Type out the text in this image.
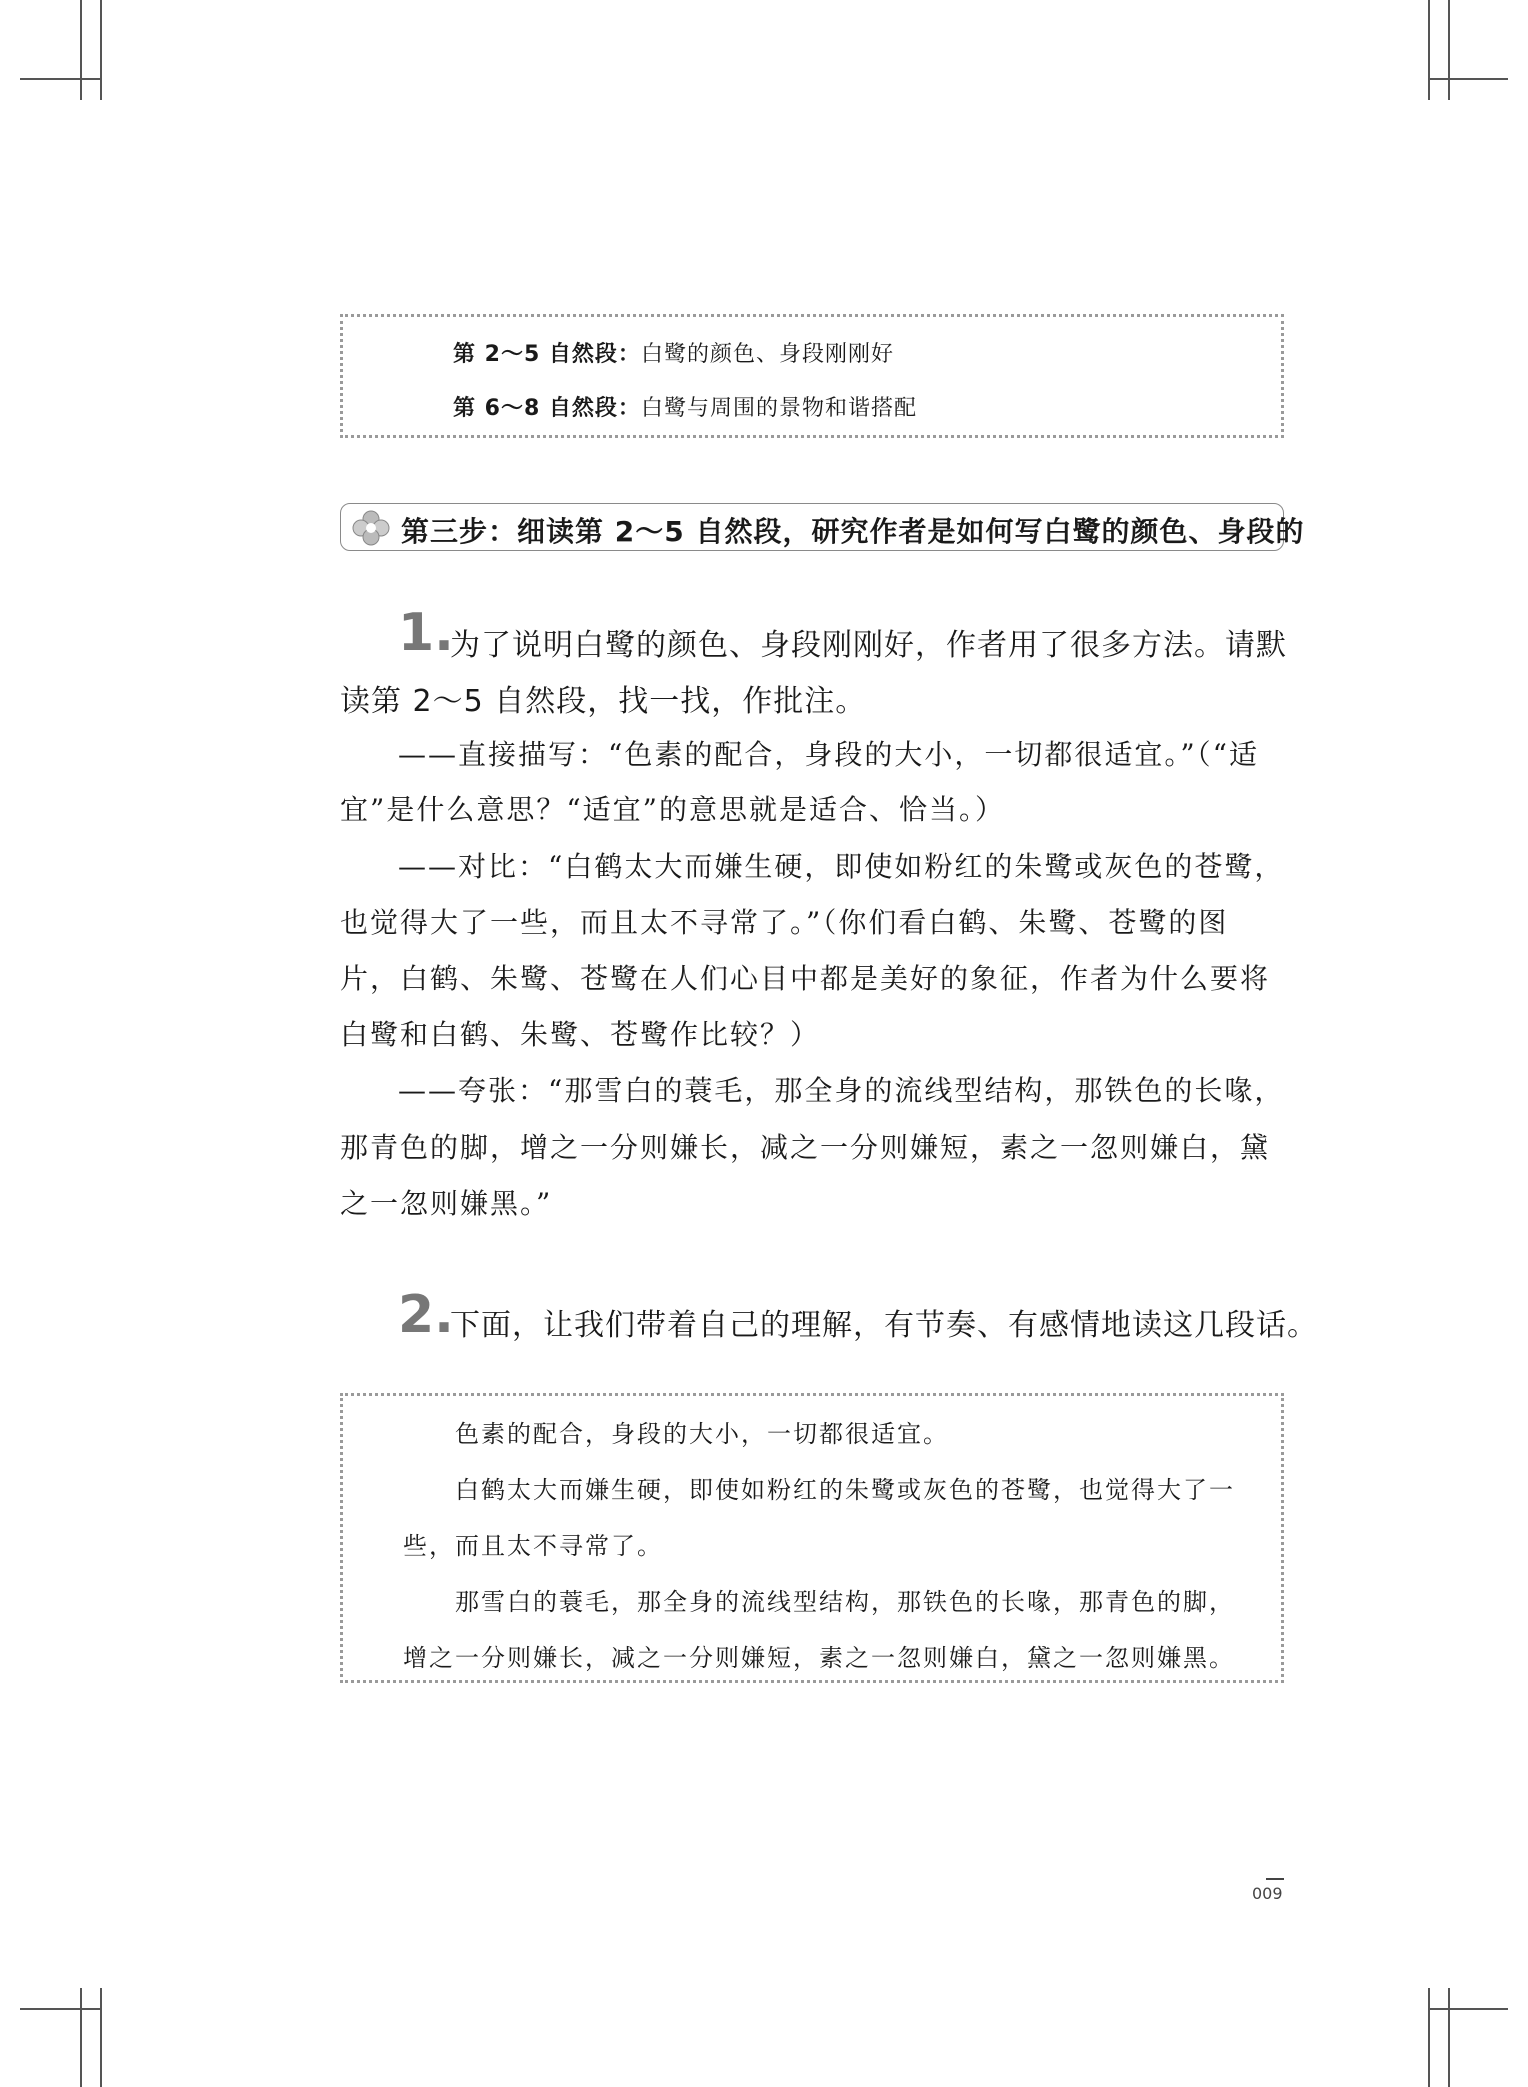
第 2～5 自然段：白鹭的颜色、身段刚刚好
第 6～8 自然段：白鹭与周围的景物和谐搭配
第三步：细读第 2～5 自然段，研究作者是如何写白鹭的颜色、身段的
1.
为了说明白鹭的颜色、身段刚刚好，作者用了很多方法。请默
读第 2～5 自然段，找一找，作批注。
——直接描写：“色素的配合，身段的大小，一切都很适宜。”（“适
宜”是什么意思？“适宜”的意思就是适合、恰当。）
——对比：“白鹤太大而嫌生硬，即使如粉红的朱鹭或灰色的苍鹭，
也觉得大了一些，而且太不寻常了。”（你们看白鹤、朱鹭、苍鹭的图
片，白鹤、朱鹭、苍鹭在人们心目中都是美好的象征，作者为什么要将
白鹭和白鹤、朱鹭、苍鹭作比较？）
——夸张：“那雪白的蓑毛，那全身的流线型结构，那铁色的长喙，
那青色的脚，增之一分则嫌长，减之一分则嫌短，素之一忽则嫌白，黛
之一忽则嫌黑。”
2.
下面，让我们带着自己的理解，有节奏、有感情地读这几段话。
色素的配合，身段的大小，一切都很适宜。
白鹤太大而嫌生硬，即使如粉红的朱鹭或灰色的苍鹭，也觉得大了一
些，而且太不寻常了。
那雪白的蓑毛，那全身的流线型结构，那铁色的长喙，那青色的脚，
增之一分则嫌长，减之一分则嫌短，素之一忽则嫌白，黛之一忽则嫌黑。
009
